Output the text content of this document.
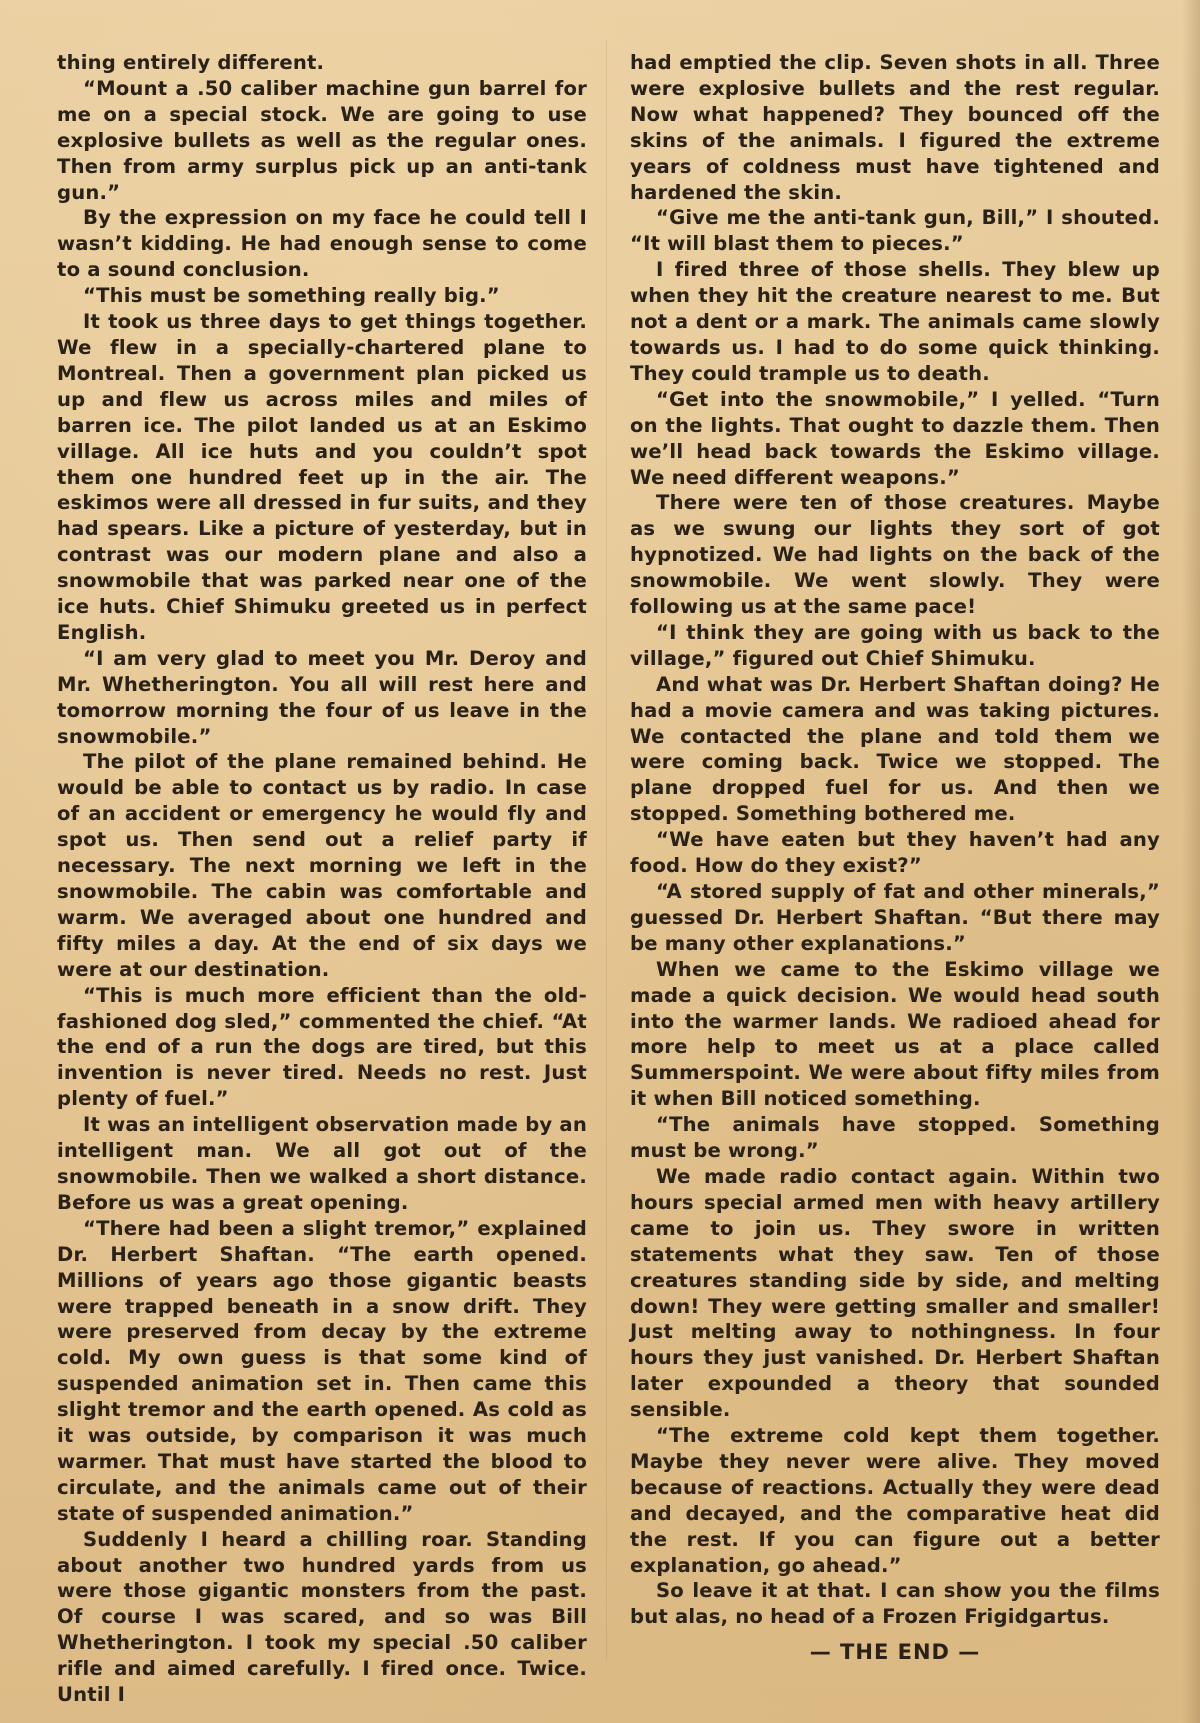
thing entirely different.

“Mount a .50 caliber machine gun barrel for me on a special stock. We are going to use explosive bullets as well as the regular ones. Then from army surplus pick up an anti-tank gun.”

By the expression on my face he could tell I wasn’t kidding. He had enough sense to come to a sound conclusion.

“This must be something really big.”

It took us three days to get things together. We flew in a specially-chartered plane to Montreal. Then a government plan picked us up and flew us across miles and miles of barren ice. The pilot landed us at an Eskimo village. All ice huts and you couldn’t spot them one hundred feet up in the air. The eskimos were all dressed in fur suits, and they had spears. Like a picture of yesterday, but in contrast was our modern plane and also a snowmobile that was parked near one of the ice huts. Chief Shimuku greeted us in perfect English.

“I am very glad to meet you Mr. Deroy and Mr. Whetherington. You all will rest here and tomorrow morning the four of us leave in the snowmobile.”

The pilot of the plane remained behind. He would be able to contact us by radio. In case of an accident or emergency he would fly and spot us. Then send out a relief party if necessary. The next morning we left in the snowmobile. The cabin was comfortable and warm. We averaged about one hundred and fifty miles a day. At the end of six days we were at our destination.

“This is much more efficient than the old-fashioned dog sled,” commented the chief. “At the end of a run the dogs are tired, but this invention is never tired. Needs no rest. Just plenty of fuel.”

It was an intelligent observation made by an intelligent man. We all got out of the snowmobile. Then we walked a short distance. Before us was a great opening.

“There had been a slight tremor,” explained Dr. Herbert Shaftan. “The earth opened. Millions of years ago those gigantic beasts were trapped beneath in a snow drift. They were preserved from decay by the extreme cold. My own guess is that some kind of suspended animation set in. Then came this slight tremor and the earth opened. As cold as it was outside, by comparison it was much warmer. That must have started the blood to circulate, and the animals came out of their state of suspended animation.”

Suddenly I heard a chilling roar. Standing about another two hundred yards from us were those gigantic monsters from the past. Of course I was scared, and so was Bill Whetherington. I took my special .50 caliber rifle and aimed carefully. I fired once. Twice. Until I

had emptied the clip. Seven shots in all. Three were explosive bullets and the rest regular. Now what happened? They bounced off the skins of the animals. I figured the extreme years of coldness must have tightened and hardened the skin.

“Give me the anti-tank gun, Bill,” I shouted. “It will blast them to pieces.”

I fired three of those shells. They blew up when they hit the creature nearest to me. But not a dent or a mark. The animals came slowly towards us. I had to do some quick thinking. They could trample us to death.

“Get into the snowmobile,” I yelled. “Turn on the lights. That ought to dazzle them. Then we’ll head back towards the Eskimo village. We need different weapons.”

There were ten of those creatures. Maybe as we swung our lights they sort of got hypnotized. We had lights on the back of the snowmobile. We went slowly. They were following us at the same pace!

“I think they are going with us back to the village,” figured out Chief Shimuku.

And what was Dr. Herbert Shaftan doing? He had a movie camera and was taking pictures. We contacted the plane and told them we were coming back. Twice we stopped. The plane dropped fuel for us. And then we stopped. Something bothered me.

“We have eaten but they haven’t had any food. How do they exist?”

“A stored supply of fat and other minerals,” guessed Dr. Herbert Shaftan. “But there may be many other explanations.”

When we came to the Eskimo village we made a quick decision. We would head south into the warmer lands. We radioed ahead for more help to meet us at a place called Summerspoint. We were about fifty miles from it when Bill noticed something.

“The animals have stopped. Something must be wrong.”

We made radio contact again. Within two hours special armed men with heavy artillery came to join us. They swore in written statements what they saw. Ten of those creatures standing side by side, and melting down! They were getting smaller and smaller! Just melting away to nothingness. In four hours they just vanished. Dr. Herbert Shaftan later expounded a theory that sounded sensible.

“The extreme cold kept them together. Maybe they never were alive. They moved because of reactions. Actually they were dead and decayed, and the comparative heat did the rest. If you can figure out a better explanation, go ahead.”

So leave it at that. I can show you the films but alas, no head of a Frozen Frigidgartus.

— THE END —
